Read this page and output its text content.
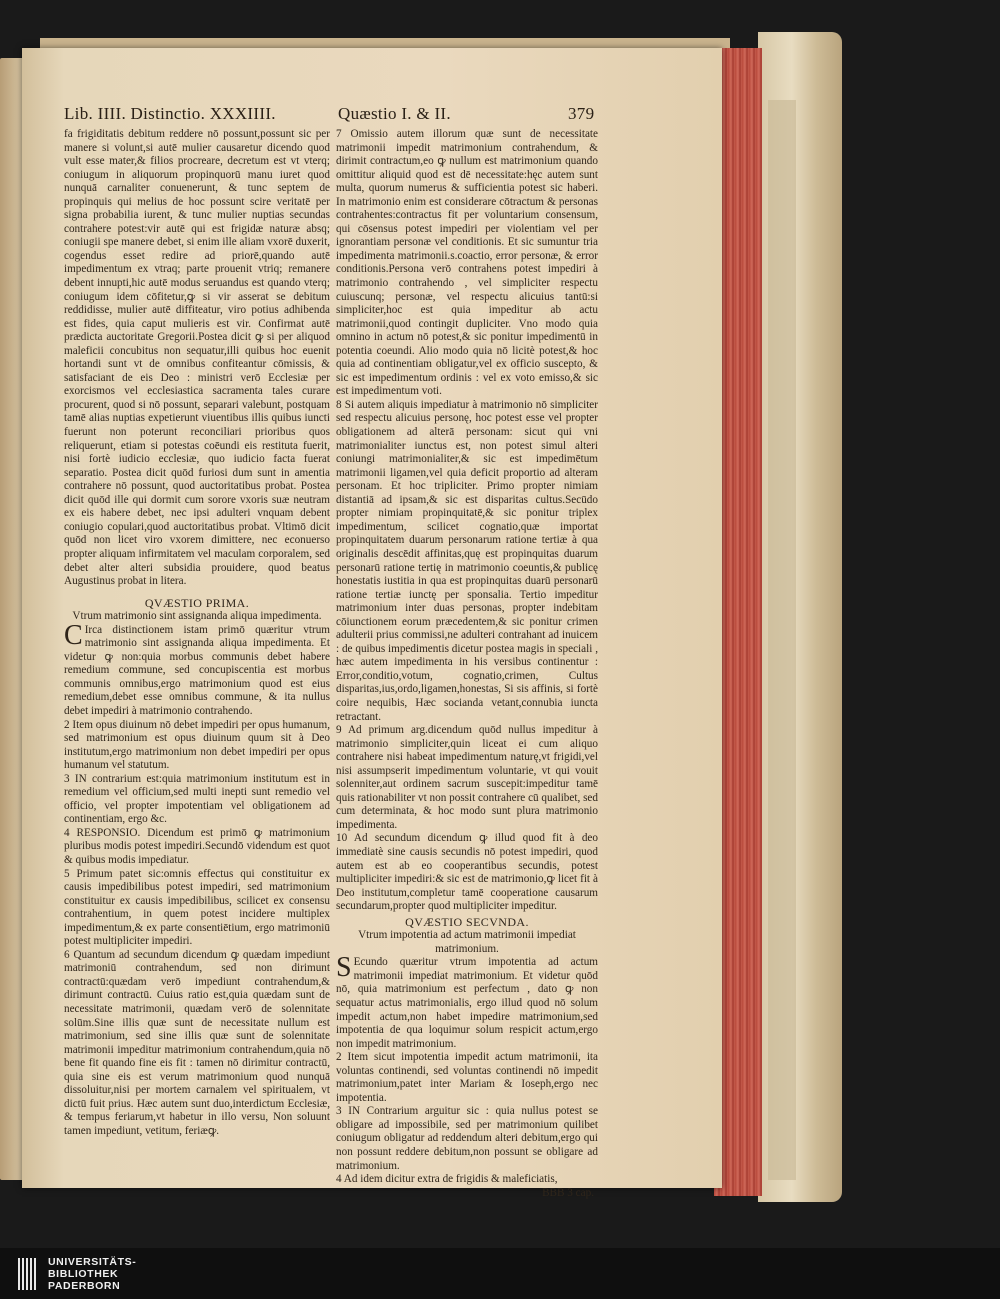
Lib. IIII. Distinctio. XXXIIII.	Quæstio I. & II.	379

fa frigiditatis debitum reddere nō possunt,possunt sic per manere si volunt,si autē mulier causaretur dicendo quod vult esse mater,& filios procreare, decretum est vt vterq; coniugum in aliquorum propinquorū manu iuret quod nunquā carnaliter conuenerunt, & tunc septem de propinquis qui melius de hoc possunt scire veritatē per signa probabilia iurent, & tunc mulier nuptias secundas contrahere potest:vir autē qui est frigidæ naturæ absq; coniugii spe manere debet, si enim ille aliam vxorē duxerit, cogendus esset redire ad priorē,quando autē impedimentum ex vtraq; parte prouenit vtriq; remanere debent innupti,hic autē modus seruandus est quando vterq; coniugum idem cōfitetur,ꝙ si vir asserat se debitum reddidisse, mulier autē diffiteatur, viro potius adhibenda est fides, quia caput mulieris est vir. Confirmat autē prædicta auctoritate Gregorii.Postea dicit ꝙ si per aliquod maleficii concubitus non sequatur,illi quibus hoc euenit hortandi sunt vt de omnibus confiteantur cōmissis, & satisfaciant de eis Deo : ministri verō Ecclesiæ per exorcismos vel ecclesiastica sacramenta tales curare procurent, quod si nō possunt, separari valebunt, postquam tamē alias nuptias expetierunt viuentibus illis quibus iuncti fuerunt non poterunt reconciliari prioribus quos reliquerunt, etiam si potestas coēundi eis restituta fuerit, nisi fortè iudicio ecclesiæ, quo iudicio facta fuerat separatio. Postea dicit quōd furiosi dum sunt in amentia contrahere nō possunt, quod auctoritatibus probat. Postea dicit quōd ille qui dormit cum sorore vxoris suæ neutram ex eis habere debet, nec ipsi adulteri vnquam debent coniugio copulari,quod auctoritatibus probat. Vltimō dicit quōd non licet viro vxorem dimittere, nec econuerso propter aliquam infirmitatem vel maculam corporalem, sed debet alter alteri subsidia prouidere, quod beatus Augustinus probat in litera.

QVÆSTIO PRIMA.

Vtrum matrimonio sint assignanda aliqua impedimenta.

CIrca distinctionem istam primō quæritur vtrum matrimonio sint assignanda aliqua impedimenta. Et videtur ꝙ non:quia morbus communis debet habere remedium commune, sed concupiscentia est morbus communis omnibus,ergo matrimonium quod est eius remedium,debet esse omnibus commune, & ita nullus debet impediri à matrimonio contrahendo.

2 Item opus diuinum nō debet impediri per opus humanum, sed matrimonium est opus diuinum quum sit à Deo institutum,ergo matrimonium non debet impediri per opus humanum vel statutum.

3 IN contrarium est:quia matrimonium institutum est in remedium vel officium,sed multi inepti sunt remedio vel officio, vel propter impotentiam vel obligationem ad continentiam, ergo &c.

4 RESPONSIO. Dicendum est primō ꝙ matrimonium pluribus modis potest impediri.Secundō videndum est quot & quibus modis impediatur.

5 Primum patet sic:omnis effectus qui constituitur ex causis impedibilibus potest impediri, sed matrimonium constituitur ex causis impedibilibus, scilicet ex consensu contrahentium, in quem potest incidere multiplex impedimentum,& ex parte consentiētium, ergo matrimoniū potest multipliciter impediri.

6 Quantum ad secundum dicendum ꝙ quædam impediunt matrimoniū contrahendum, sed non dirimunt contractū:quædam verō impediunt contrahendum,& dirimunt contractū. Cuius ratio est,quia quædam sunt de necessitate matrimonii, quædam verō de solennitate solūm.Sine illis quæ sunt de necessitate nullum est matrimonium, sed sine illis quæ sunt de solennitate matrimonii impeditur matrimonium contrahendum,quia nō bene fit quando fine eis fit : tamen nō dirimitur contractū, quia sine eis est verum matrimonium quod nunquā dissoluitur,nisi per mortem carnalem vel spiritualem, vt dictū fuit prius. Hæc autem sunt duo,interdictum Ecclesiæ, & tempus feriarum,vt habetur in illo versu, Non soluunt tamen impediunt, vetitum, feriæꝙ.

7 Omissio autem illorum quæ sunt de necessitate matrimonii impedit matrimonium contrahendum, & dirimit contractum,eo ꝙ nullum est matrimonium quando omittitur aliquid quod est dē necessitate:hęc autem sunt multa, quorum numerus & sufficientia potest sic haberi. In matrimonio enim est considerare cōtractum & personas contrahentes:contractus fit per voluntarium consensum, qui cōsensus potest impediri per violentiam vel per ignorantiam personæ vel conditionis. Et sic sumuntur tria impedimenta matrimonii.s.coactio, error personæ, & error conditionis.Persona verō contrahens potest impediri à matrimonio contrahendo , vel simpliciter respectu cuiuscunq; personæ, vel respectu alicuius tantū:si simpliciter,hoc est quia impeditur ab actu matrimonii,quod contingit dupliciter. Vno modo quia omnino in actum nō potest,& sic ponitur impedimentū in potentia coeundi. Alio modo quia nō licitè potest,& hoc quia ad continentiam obligatur,vel ex officio suscepto, & sic est impedimentum ordinis : vel ex voto emisso,& sic est impedimentum voti.

8 Si autem aliquis impediatur à matrimonio nō simpliciter sed respectu alicuius personę, hoc potest esse vel propter obligationem ad alterā personam: sicut qui vni matrimonialiter iunctus est, non potest simul alteri coniungi matrimonialiter,& sic est impedimētum matrimonii ligamen,vel quia deficit proportio ad alteram personam. Et hoc tripliciter. Primo propter nimiam distantiā ad ipsam,& sic est disparitas cultus.Secūdo propter nimiam propinquitatē,& sic ponitur triplex impedimentum, scilicet cognatio,quæ importat propinquitatem duarum personarum ratione tertiæ à qua originalis descēdit affinitas,quę est propinquitas duarum personarū ratione tertię in matrimonio coeuntis,& publicę honestatis iustitia in qua est propinquitas duarū personarū ratione tertiæ iunctę per sponsalia. Tertio impeditur matrimonium inter duas personas, propter indebitam cōiunctionem eorum præcedentem,& sic ponitur crimen adulterii prius commissi,ne adulteri contrahant ad inuicem : de quibus impedimentis dicetur postea magis in speciali , hæc autem impedimenta in his versibus continentur : Error,conditio,votum, cognatio,crimen, Cultus disparitas,ius,ordo,ligamen,honestas, Si sis affinis, si fortè coire nequibis, Hæc socianda vetant,connubia iuncta retractant.

9 Ad primum arg.dicendum quōd nullus impeditur à matrimonio simpliciter,quin liceat ei cum aliquo contrahere nisi habeat impedimentum naturę,vt frigidi,vel nisi assumpserit impedimentum voluntarie, vt qui vouit solenniter,aut ordinem sacrum suscepit:impeditur tamē quis rationabiliter vt non possit contrahere cū qualibet, sed cum determinata, & hoc modo sunt plura matrimonio impedimenta.

10 Ad secundum dicendum ꝙ illud quod fit à deo immediatè sine causis secundis nō potest impediri, quod autem est ab eo cooperantibus secundis, potest multipliciter impediri:& sic est de matrimonio,ꝙ licet fit à Deo institutum,completur tamē cooperatione causarum secundarum,propter quod multipliciter impeditur.

QVÆSTIO SECVNDA.

Vtrum impotentia ad actum matrimonii impediat matrimonium.

SEcundo quæritur vtrum impotentia ad actum matrimonii impediat matrimonium. Et videtur quōd nō, quia matrimonium est perfectum , dato ꝙ non sequatur actus matrimonialis, ergo illud quod nō solum impedit actum,non habet impedire matrimonium,sed impotentia de qua loquimur solum respicit actum,ergo non impedit matrimonium.

2 Item sicut impotentia impedit actum matrimonii, ita voluntas continendi, sed voluntas continendi nō impedit matrimonium,patet inter Mariam & Ioseph,ergo nec impotentia.

3 IN Contrarium arguitur sic : quia nullus potest se obligare ad impossibile, sed per matrimonium quilibet coniugum obligatur ad reddendum alteri debitum,ergo qui non possunt reddere debitum,non possunt se obligare ad matrimonium.

4 Ad idem dicitur extra de frigidis & maleficiatis,

BBB 3 cap.

UNIVERSITÄTS-
BIBLIOTHEK
PADERBORN
